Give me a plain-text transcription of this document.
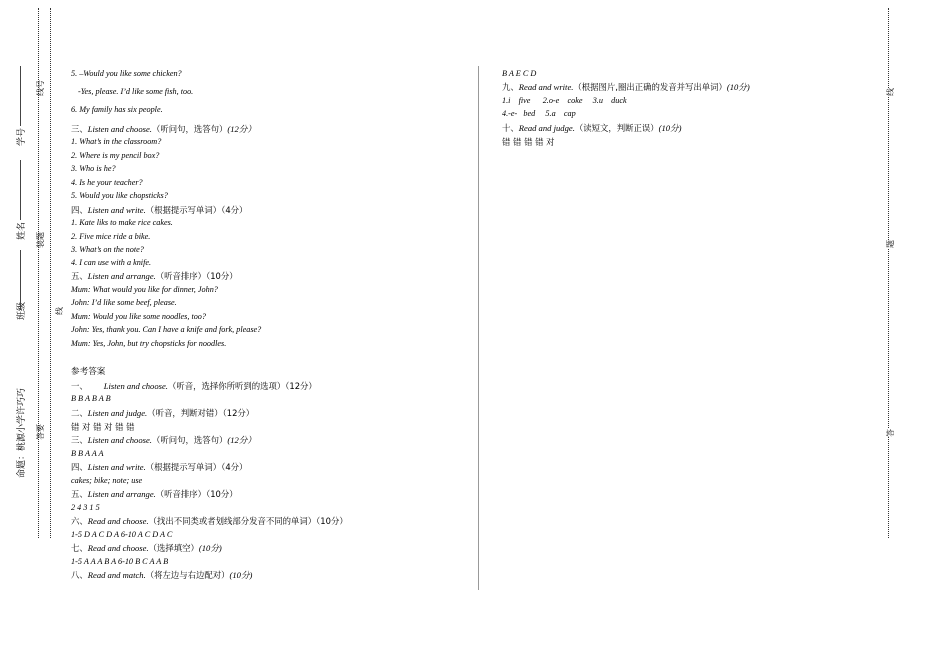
命题：桃源小学许巧巧
班级
姓名
学号
线号
装题
线
答要
线
题
答
5. –Would you like some chicken?
-Yes, please. I’d like some fish, too.
6. My family has six people.
三、Listen and choose.（听问句，选答句）(12分）
1. What’s in the classroom?
2. Where is my pencil box?
3. Who is he?
4. Is he your teacher?
5. Would you like chopsticks?
四、Listen and write.（根据提示写单词）（4分）
1. Kate liks to make rice cakes.
2. Five mice ride a bike.
3. What’s on the note?
4. I can use with a knife.
五、Listen and arrange.（听音排序）（10分）
Mum: What would you like for dinner, John?
John: I’d like some beef, please.
Mum: Would you like some noodles, too?
John: Yes, thank you. Can I have a knife and fork, please?
Mum: Yes, John, but try chopsticks for noodles.
参考答案
一、 Listen and choose.（听音，选择你所听到的选项）（12分）
B B A B A B
二、Listen and judge.（听音，判断对错）（12分）
错 对 错 对 错 错
三、Listen and choose.（听问句，选答句）(12分）
B B A A A
四、Listen and write.（根据提示写单词）（4分）
cakes; bike; note; use
五、Listen and arrange.（听音排序）（10分）
2 4 3 1 5
六、Read and choose.（找出不同类或者划线部分发音不同的单词）（10分）
1-5 D A C D A 6-10 A C D A C
七、Read and choose.（选择填空）(10分)
1-5 A A A B A 6-10 B C A A B
八、Read and match.（将左边与右边配对）(10分)
B A E C D
九、Read and write.（根据图片,圈出正确的发音并写出单词）(10分)
1.i    five      2.o-e    coke     3.u    duck
4.-e-   bed     5.a    cap
十、Read and judge.（读短文，判断正误）(10分)
错 错 错 错 对
